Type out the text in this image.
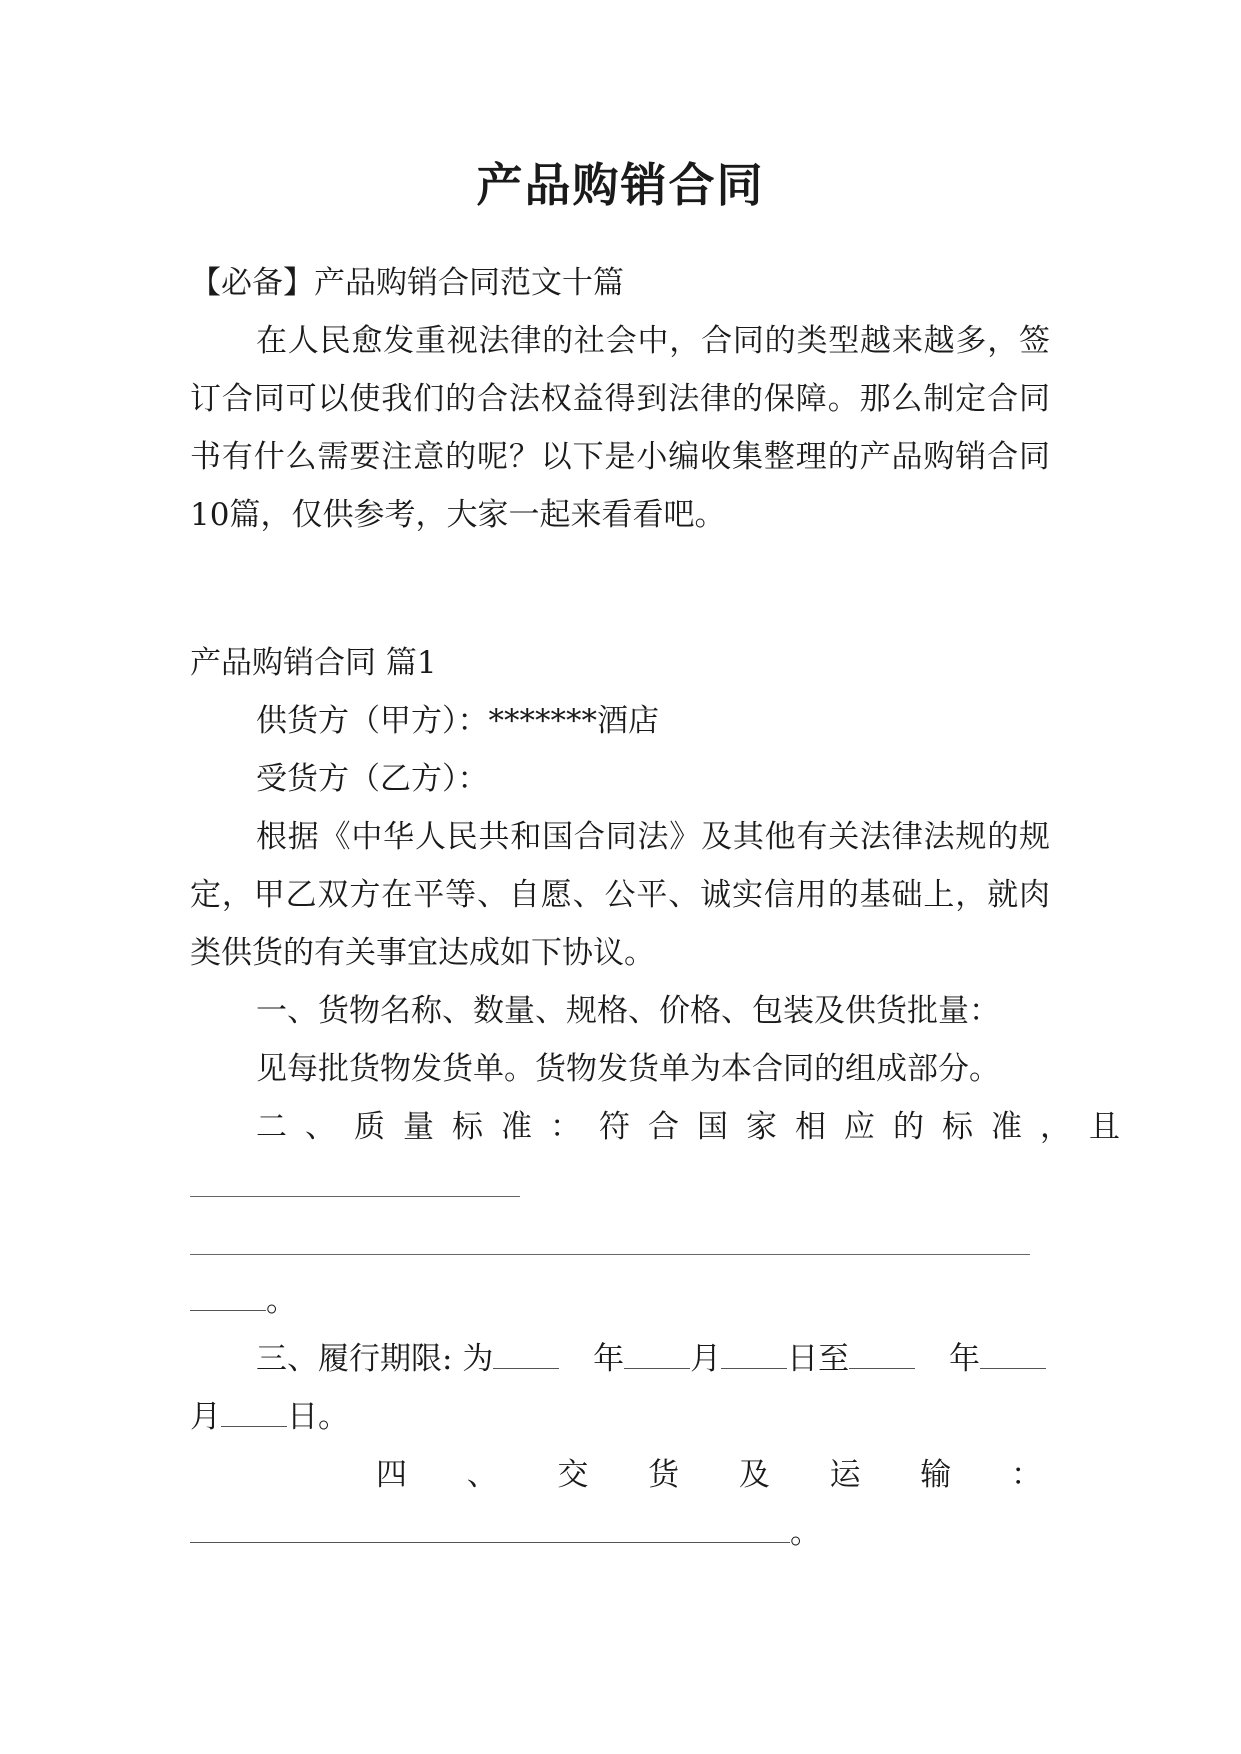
产品购销合同
【必备】产品购销合同范文十篇
在人民愈发重视法律的社会中，合同的类型越来越多，签订合同可以使我们的合法权益得到法律的保障。那么制定合同书有什么需要注意的呢？以下是小编收集整理的产品购销合同10篇，仅供参考，大家一起来看看吧。
产品购销合同 篇1
供货方（甲方）：*******酒店
受货方（乙方）：
根据《中华人民共和国合同法》及其他有关法律法规的规定，甲乙双方在平等、自愿、公平、诚实信用的基础上，就肉类供货的有关事宜达成如下协议。
一、货物名称、数量、规格、价格、包装及供货批量：
见每批货物发货单。货物发货单为本合同的组成部分。
二、质量标准：符合国家相应的标准，且
。
三、履行期限: 为	年 月 日至	年
月 日。
四、交货及运输：
。
